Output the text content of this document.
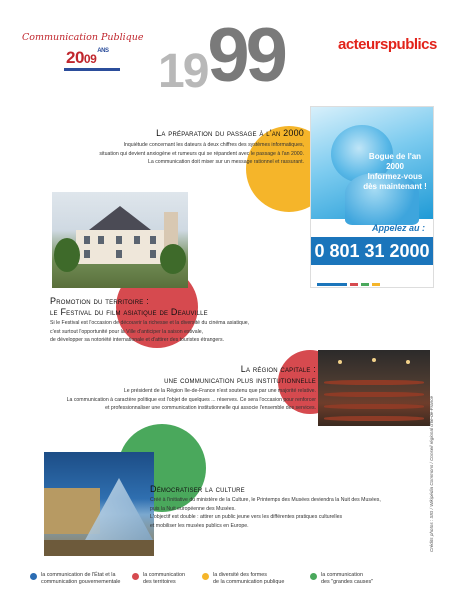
Communication Publique
$2009^{ANS}$ 1999	acteurspublics
La préparation du passage à l'an 2000
Inquiétude concernant les dateurs à deux chiffres des systèmes informatiques,
situation qui devient anxiogène et rumeurs qui se répandent avec le passage à l'an 2000.
La communication doit miser sur un message rationnel et rassurant.
Bogue de l'an 2000
Informez-vous
dès maintenant !
Appelez au :
0 801 31 2000
Promotion du territoire :
le Festival du film asiatique de Deauville
Si le Festival est l'occasion de découvrir la richesse et la diversité du cinéma asiatique,
c'est surtout l'opportunité pour la Ville d'anticiper la saison estivale,
de développer sa notoriété internationale et d'attirer des touristes étrangers.
La région capitale :
une communication plus institutionnelle
Le président de la Région Ile-de-France n'est soutenu que par une majorité relative.
La communication à caractère politique est l'objet de quelques ... réserves. Ce sera l'occasion pour renforcer
et professionnaliser une communication institutionnelle qui associe l'ensemble des services.
Démocratiser la culture
Créé à l'initiative du ministère de la Culture, le Printemps des Musées deviendra la Nuit des Musées,
puis la Nuit européenne des Musées.
L'objectif est double : attirer un public jeune vers les différentes pratiques culturelles
et mobiliser les musées publics en Europe.	Crédits photos : SIG / Wikipédia Commons / Conseil régional d'Ile-de-France
la communication de l'État et la
communication gouvernementale
la communication
des territoires
la diversité des formes
de la communication publique
la communication
des "grandes causes"
